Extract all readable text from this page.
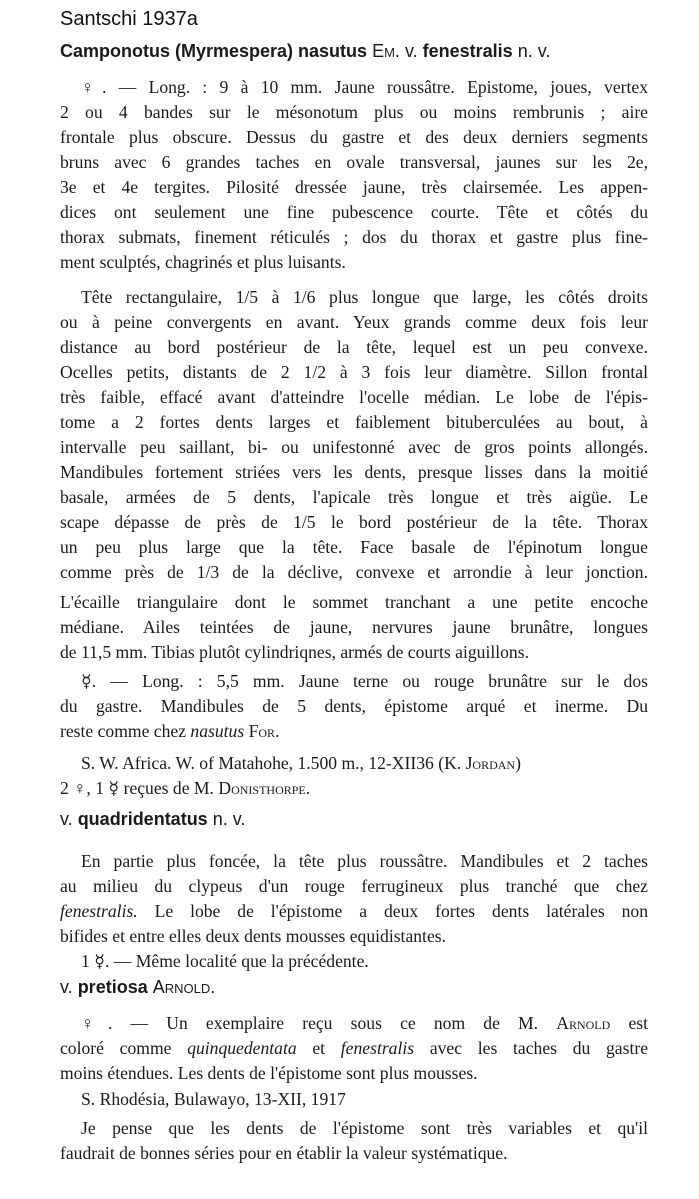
Santschi 1937a
Camponotus (Myrmespera) nasutus Em. v. fenestralis n. v.
♀. — Long. : 9 à 10 mm. Jaune roussâtre. Epistome, joues, vertex
2 ou 4 bandes sur le mésonotum plus ou moins rembrunis ; aire
frontale plus obscure. Dessus du gastre et des deux derniers segments
bruns avec 6 grandes taches en ovale transversal, jaunes sur les 2e,
3e et 4e tergites. Pilosité dressée jaune, très clairsemée. Les appen-
dices ont seulement une fine pubescence courte. Tête et côtés du
thorax submats, finement réticulés ; dos du thorax et gastre plus fine-
ment sculptés, chagrinés et plus luisants.
Tête rectangulaire, 1/5 à 1/6 plus longue que large, les côtés droits
ou à peine convergents en avant. Yeux grands comme deux fois leur
distance au bord postérieur de la tête, lequel est un peu convexe.
Ocelles petits, distants de 2 1/2 à 3 fois leur diamètre. Sillon frontal
très faible, effacé avant d'atteindre l'ocelle médian. Le lobe de l'épis-
tome a 2 fortes dents larges et faiblement bituberculées au bout, à
intervalle peu saillant, bi- ou unifestonné avec de gros points allongés.
Mandibules fortement striées vers les dents, presque lisses dans la moitié
basale, armées de 5 dents, l'apicale très longue et très aigüe. Le
scape dépasse de près de 1/5 le bord postérieur de la tête. Thorax
un peu plus large que la tête. Face basale de l'épinotum longue
comme près de 1/3 de la déclive, convexe et arrondie à leur jonction.
L'écaille triangulaire dont le sommet tranchant a une petite encoche
médiane. Ailes teintées de jaune, nervures jaune brunâtre, longues
de 11,5 mm. Tibias plutôt cylindriqnes, armés de courts aiguillons.
☿. — Long. : 5,5 mm. Jaune terne ou rouge brunâtre sur le dos
du gastre. Mandibules de 5 dents, épistome arqué et inerme. Du
reste comme chez nasutus For.
S. W. Africa. W. of Matahohe, 1.500 m., 12-XII36 (K. Jordan)
2 ♀, 1 ☿ reçues de M. Donisthorpe.
v. quadridentatus n. v.
En partie plus foncée, la tête plus roussâtre. Mandibules et 2 taches
au milieu du clypeus d'un rouge ferrugineux plus tranché que chez
fenestralis. Le lobe de l'épistome a deux fortes dents latérales non
bifides et entre elles deux dents mousses equidistantes.
1 ☿. — Même localité que la précédente.
v. pretiosa Arnold.
♀. — Un exemplaire reçu sous ce nom de M. Arnold est
coloré comme quinquedentata et fenestralis avec les taches du gastre
moins étendues. Les dents de l'épistome sont plus mousses.
S. Rhodésia, Bulawayo, 13-XII, 1917
Je pense que les dents de l'épistome sont très variables et qu'il
faudrait de bonnes séries pour en établir la valeur systématique.
